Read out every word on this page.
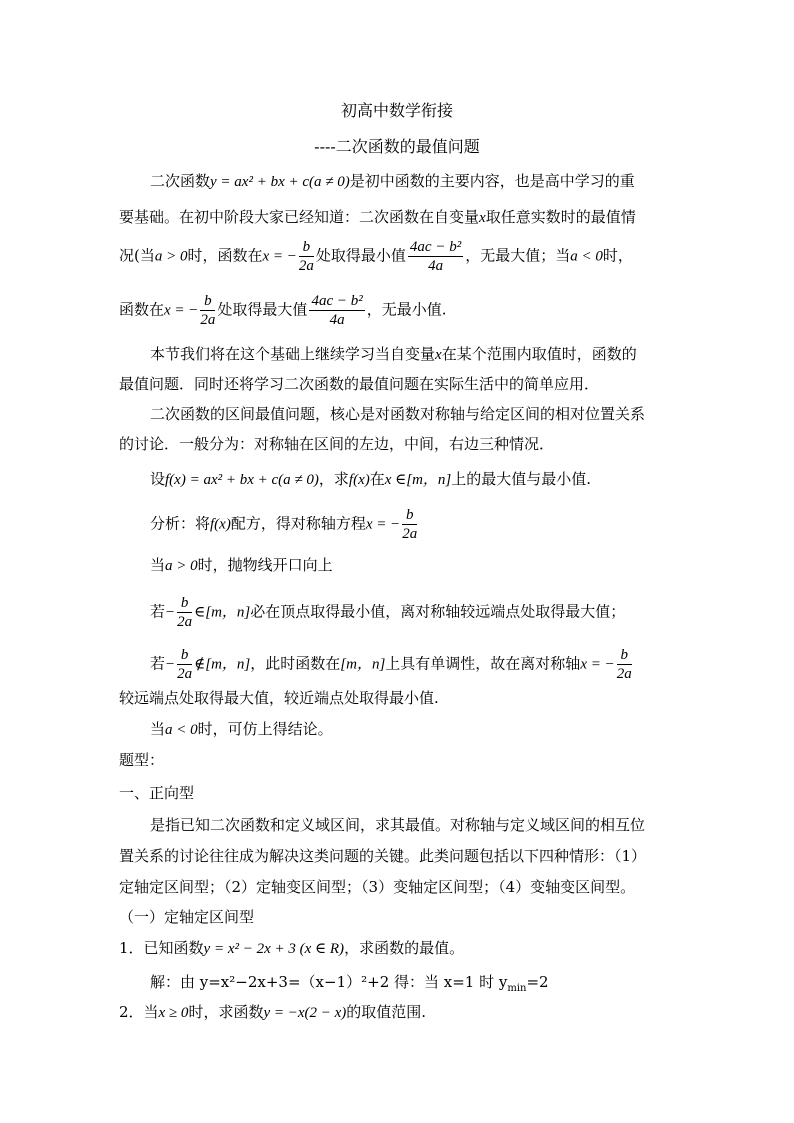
初高中数学衔接
----二次函数的最值问题
二次函数y = ax² + bx + c(a ≠ 0)是初中函数的主要内容，也是高中学习的重
要基础。在初中阶段大家已经知道：二次函数在自变量x取任意实数时的最值情
况(当a > 0时，函数在x = − $\frac{b}{2a}$ 处取得最小值 $\frac{\text{4ac − b²}}{4a}$ ，无最大值；当a < 0时，
函数在x = − $\frac{b}{2a}$ 处取得最大值 $\frac{\text{4ac − b²}}{4a}$ ，无最小值.
本节我们将在这个基础上继续学习当自变量x在某个范围内取值时，函数的
最值问题．同时还将学习二次函数的最值问题在实际生活中的简单应用．
二次函数的区间最值问题，核心是对函数对称轴与给定区间的相对位置关系
的讨论．一般分为：对称轴在区间的左边，中间，右边三种情况．
设f(x) = ax² + bx + c(a ≠ 0)，求f(x)在x ∈[m，n]上的最大值与最小值.
分析：将f(x)配方，得对称轴方程x = − $\frac{b}{2a}$
当a > 0时，抛物线开口向上
若− $\frac{b}{2a}$ ∈[m，n]必在顶点取得最小值，离对称轴较远端点处取得最大值；
若− $\frac{b}{2a}$ ∉[m，n]，此时函数在[m，n]上具有单调性，故在离对称轴x = − $\frac{b}{2a}$
较远端点处取得最大值，较近端点处取得最小值.
当a < 0时，可仿上得结论。
题型：
一、正向型
是指已知二次函数和定义域区间，求其最值。对称轴与定义域区间的相互位
置关系的讨论往往成为解决这类问题的关键。此类问题包括以下四种情形：（1）
定轴定区间型；（2）定轴变区间型；（3）变轴定区间型；（4）变轴变区间型。
（一）定轴定区间型
1．已知函数y = x² − 2x + 3 (x ∈ R)，求函数的最值。
解：由 y=x²−2x+3=（x−1）²+2 得：当 x=1 时 $y_{min}=2$
2．当x ≥ 0时，求函数y = −x(2 − x)的取值范围.
